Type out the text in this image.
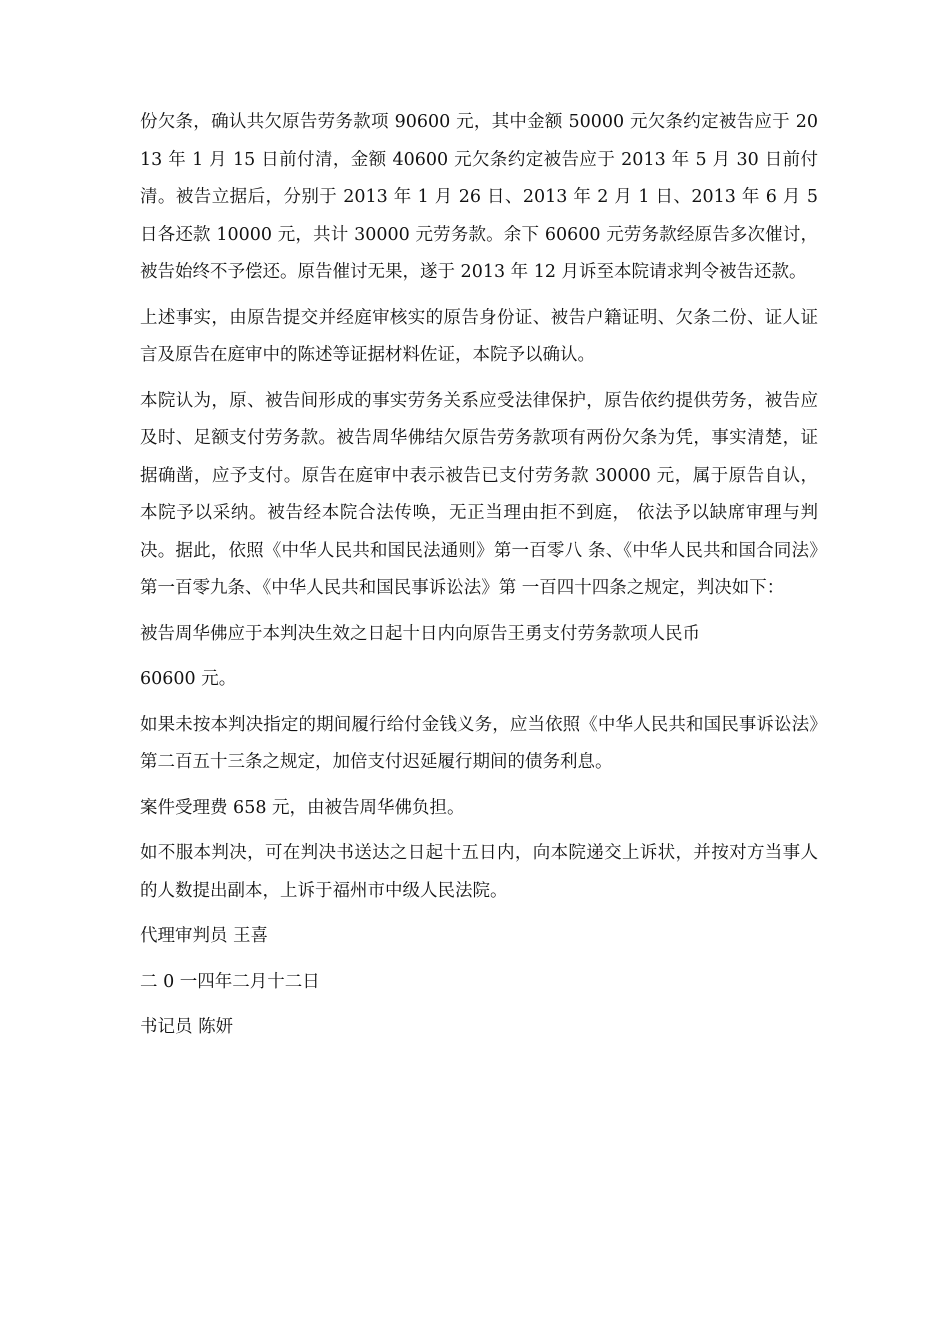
份欠条，确认共欠原告劳务款项 90600 元，其中金额 50000 元欠条约定被告应于 2013 年 1 月 15 日前付清，金额 40600 元欠条约定被告应于 2013 年 5 月 30 日前付清。被告立据后，分别于 2013 年 1 月 26 日、2013 年 2 月 1 日、2013 年 6 月 5 日各还款 10000 元，共计 30000 元劳务款。余下 60600 元劳务款经原告多次催讨，被告始终不予偿还。原告催讨无果，遂于 2013 年 12 月诉至本院请求判令被告还款。

上述事实，由原告提交并经庭审核实的原告身份证、被告户籍证明、欠条二份、证人证言及原告在庭审中的陈述等证据材料佐证，本院予以确认。

本院认为，原、被告间形成的事实劳务关系应受法律保护，原告依约提供劳务，被告应及时、足额支付劳务款。被告周华佛结欠原告劳务款项有两份欠条为凭，事实清楚，证据确凿，应予支付。原告在庭审中表示被告已支付劳务款 30000 元，属于原告自认，本院予以采纳。被告经本院合法传唤，无正当理由拒不到庭， 依法予以缺席审理与判决。据此，依照《中华人民共和国民法通则》第一百零八 条、《中华人民共和国合同法》第一百零九条、《中华人民共和国民事诉讼法》第 一百四十四条之规定，判决如下：

被告周华佛应于本判决生效之日起十日内向原告王勇支付劳务款项人民币

60600 元。

如果未按本判决指定的期间履行给付金钱义务，应当依照《中华人民共和国民事诉讼法》第二百五十三条之规定，加倍支付迟延履行期间的债务利息。

案件受理费 658 元，由被告周华佛负担。

如不服本判决，可在判决书送达之日起十五日内，向本院递交上诉状，并按对方当事人的人数提出副本，上诉于福州市中级人民法院。

代理审判员 王喜
二 0 一四年二月十二日
书记员 陈妍
